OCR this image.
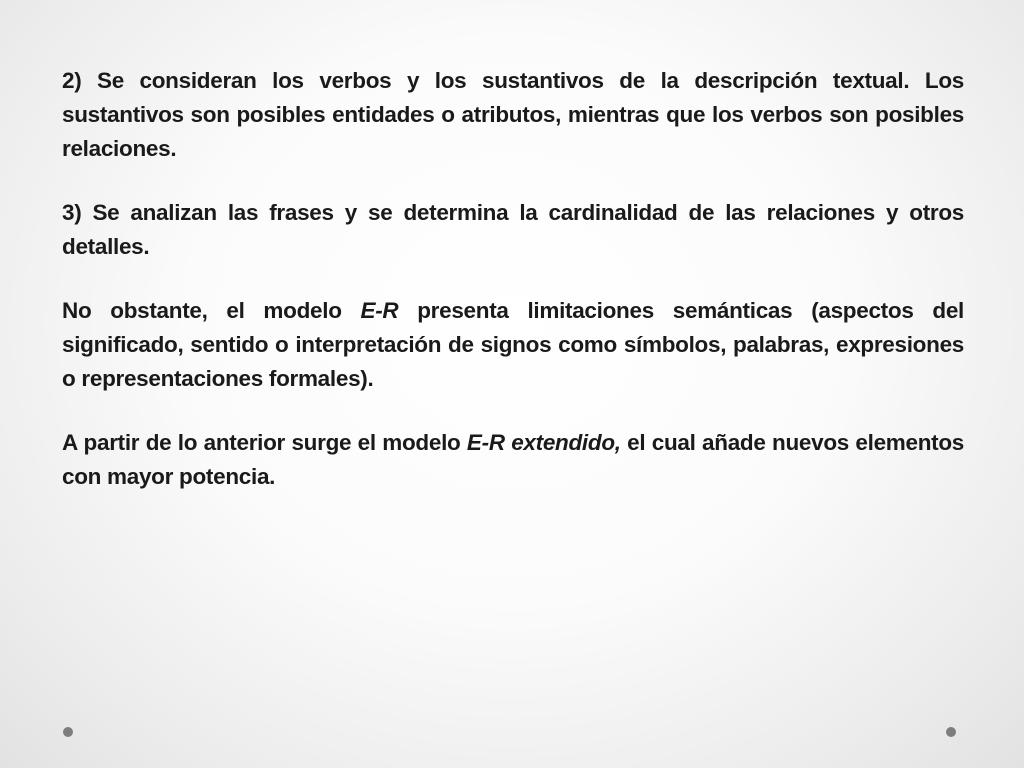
2) Se consideran los verbos y los sustantivos de la descripción textual. Los sustantivos son posibles entidades o atributos, mientras que los verbos son posibles relaciones.

3) Se analizan las frases y se determina la cardinalidad de las relaciones y otros detalles.

No obstante, el modelo E-R presenta limitaciones semánticas (aspectos del significado, sentido o interpretación de signos como símbolos, palabras, expresiones o representaciones formales).

A partir de lo anterior surge el modelo E-R extendido, el cual añade nuevos elementos con mayor potencia.
